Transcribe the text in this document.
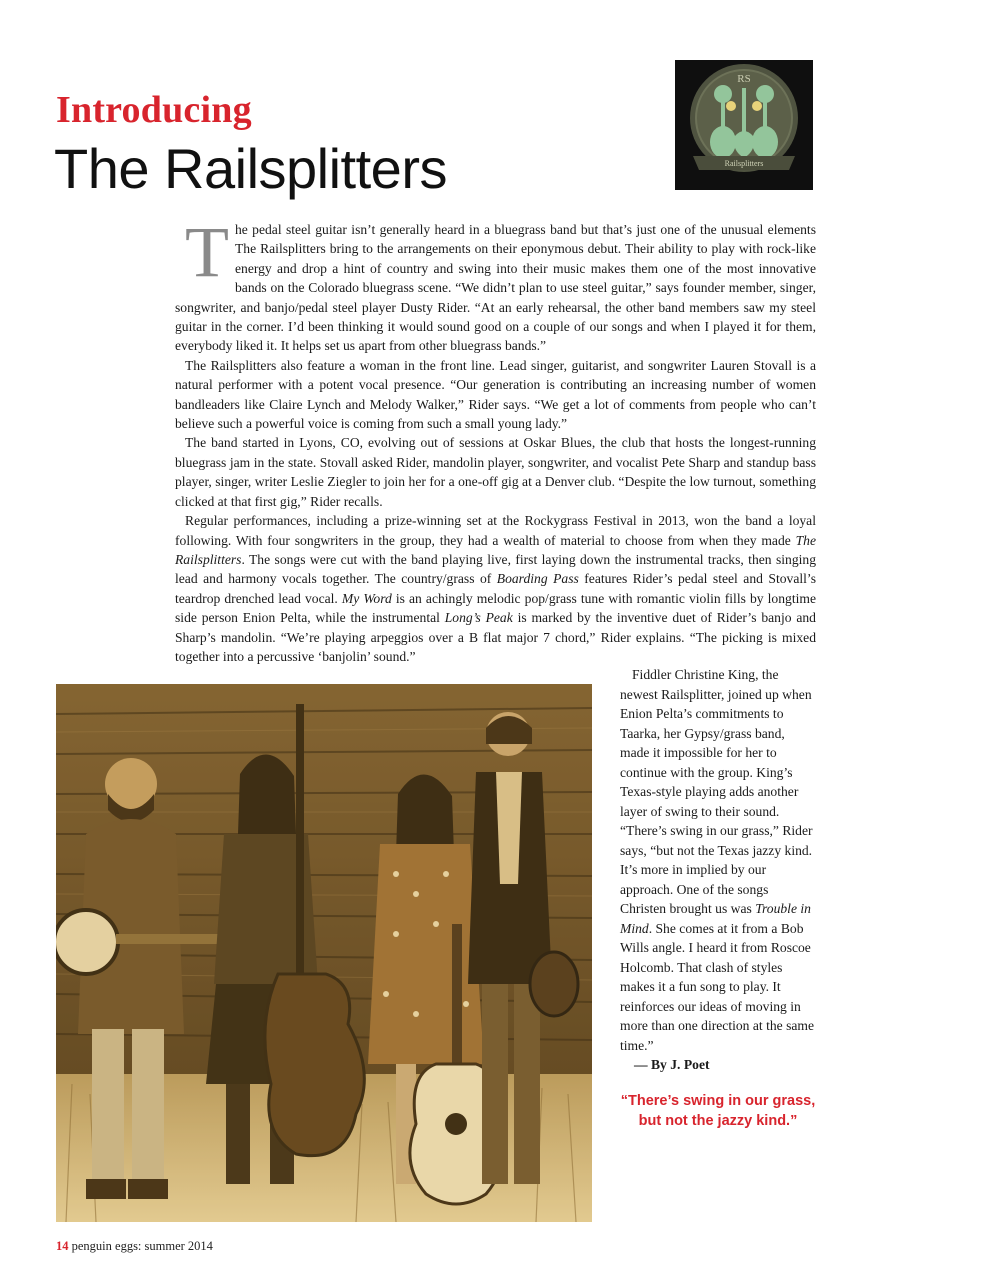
Introducing
The Railsplitters
RS
Railsplitters

The pedal steel guitar isn’t generally heard in a bluegrass band but that’s just one of the unusual elements The Railsplitters bring to the arrangements on their eponymous debut. Their ability to play with rock-like energy and drop a hint of country and swing into their music makes them one of the most innovative bands on the Colorado bluegrass scene. “We didn’t plan to use steel guitar,” says founder member, singer, songwriter, and banjo/pedal steel player Dusty Rider. “At an early rehearsal, the other band members saw my steel guitar in the corner. I’d been thinking it would sound good on a couple of our songs and when I played it for them, everybody liked it. It helps set us apart from other bluegrass bands.”

The Railsplitters also feature a woman in the front line. Lead singer, guitarist, and songwriter Lauren Stovall is a natural performer with a potent vocal presence. “Our generation is contributing an increasing number of women bandleaders like Claire Lynch and Melody Walker,” Rider says. “We get a lot of comments from people who can’t believe such a powerful voice is coming from such a small young lady.”

The band started in Lyons, CO, evolving out of sessions at Oskar Blues, the club that hosts the longest-running bluegrass jam in the state. Stovall asked Rider, mandolin player, songwriter, and vocalist Pete Sharp and standup bass player, singer, writer Leslie Ziegler to join her for a one-off gig at a Denver club. “Despite the low turnout, something clicked at that first gig,” Rider recalls.

Regular performances, including a prize-winning set at the Rockygrass Festival in 2013, won the band a loyal following. With four songwriters in the group, they had a wealth of material to choose from when they made The Railsplitters. The songs were cut with the band playing live, first laying down the instrumental tracks, then singing lead and harmony vocals together. The country/grass of Boarding Pass features Rider’s pedal steel and Stovall’s teardrop drenched lead vocal. My Word is an achingly melodic pop/grass tune with romantic violin fills by longtime side person Enion Pelta, while the instrumental Long’s Peak is marked by the inventive duet of Rider’s banjo and Sharp’s mandolin. “We’re playing arpeggios over a B flat major 7 chord,” Rider explains. “The picking is mixed together into a percussive ‘banjolin’ sound.”

Fiddler Christine King, the newest Railsplitter, joined up when Enion Pelta’s commitments to Taarka, her Gypsy/grass band, made it impossible for her to continue with the group. King’s Texas-style playing adds another layer of swing to their sound. “There’s swing in our grass,” Rider says, “but not the Texas jazzy kind. It’s more in implied by our approach. One of the songs Christen brought us was Trouble in Mind. She comes at it from a Bob Wills angle. I heard it from Roscoe Holcomb. That clash of styles makes it a fun song to play. It reinforces our ideas of moving in more than one direction at the same time.”

— By J. Poet

“There’s swing in our grass, but not the jazzy kind.”
14 penguin eggs: summer 2014
